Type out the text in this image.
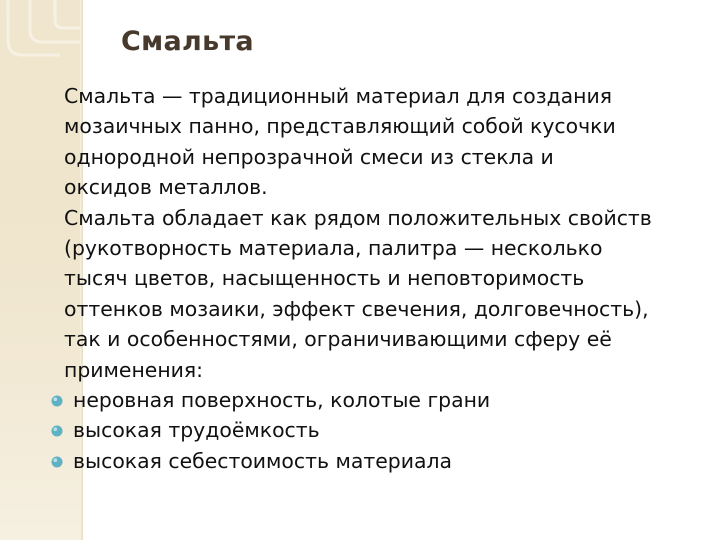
Смальта
Смальта — традиционный материал для создания
мозаичных панно, представляющий собой кусочки
однородной непрозрачной смеси из стекла и
оксидов металлов.
Смальта обладает как рядом положительных свойств
(рукотворность материала, палитра — несколько
тысяч цветов, насыщенность и неповторимость
оттенков мозаики, эффект свечения, долговечность),
так и особенностями, ограничивающими сферу её
применения:
неровная поверхность, колотые грани
высокая трудоёмкость
высокая себестоимость материала
